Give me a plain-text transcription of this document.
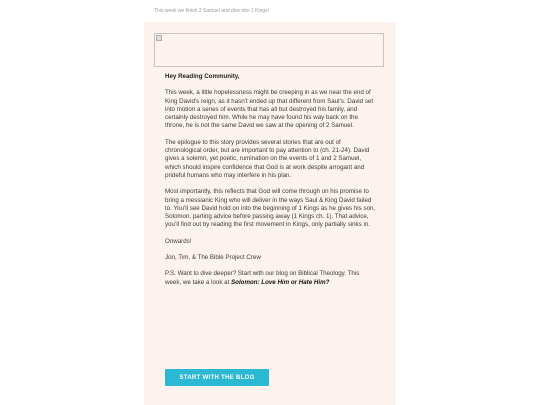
This week we finish 2 Samuel and dive into 1 Kings!

Hey Reading Community,

This week, a little hopelessness might be creeping in as we near the end of King David’s reign, as it hasn’t ended up that different from Saul’s. David set into motion a series of events that has all but destroyed his family, and certainly destroyed him. While he may have found his way back on the throne, he is not the same David we saw at the opening of 2 Samuel.

The epilogue to this story provides several stories that are out of chronological order, but are important to pay attention to (ch. 21-24). David gives a solemn, yet poetic, rumination on the events of 1 and 2 Samuel, which should inspire confidence that God is at work despite arrogant and prideful humans who may interfere in his plan.

Most importantly, this reflects that God will come through on his promise to bring a messianic King who will deliver in the ways Saul & King David failed to. You’ll see David hold on into the beginning of 1 Kings as he gives his son, Solomon, parting advice before passing away (1 Kings ch. 1). That advice, you’ll find out by reading the first movement in Kings, only partially sinks in.

Onwards!

Jon, Tim, & The Bible Project Crew

P.S. Want to dive deeper? Start with our blog on Biblical Theology. This week, we take a look at Solomon: Love Him or Hate Him?

START WITH THE BLOG
